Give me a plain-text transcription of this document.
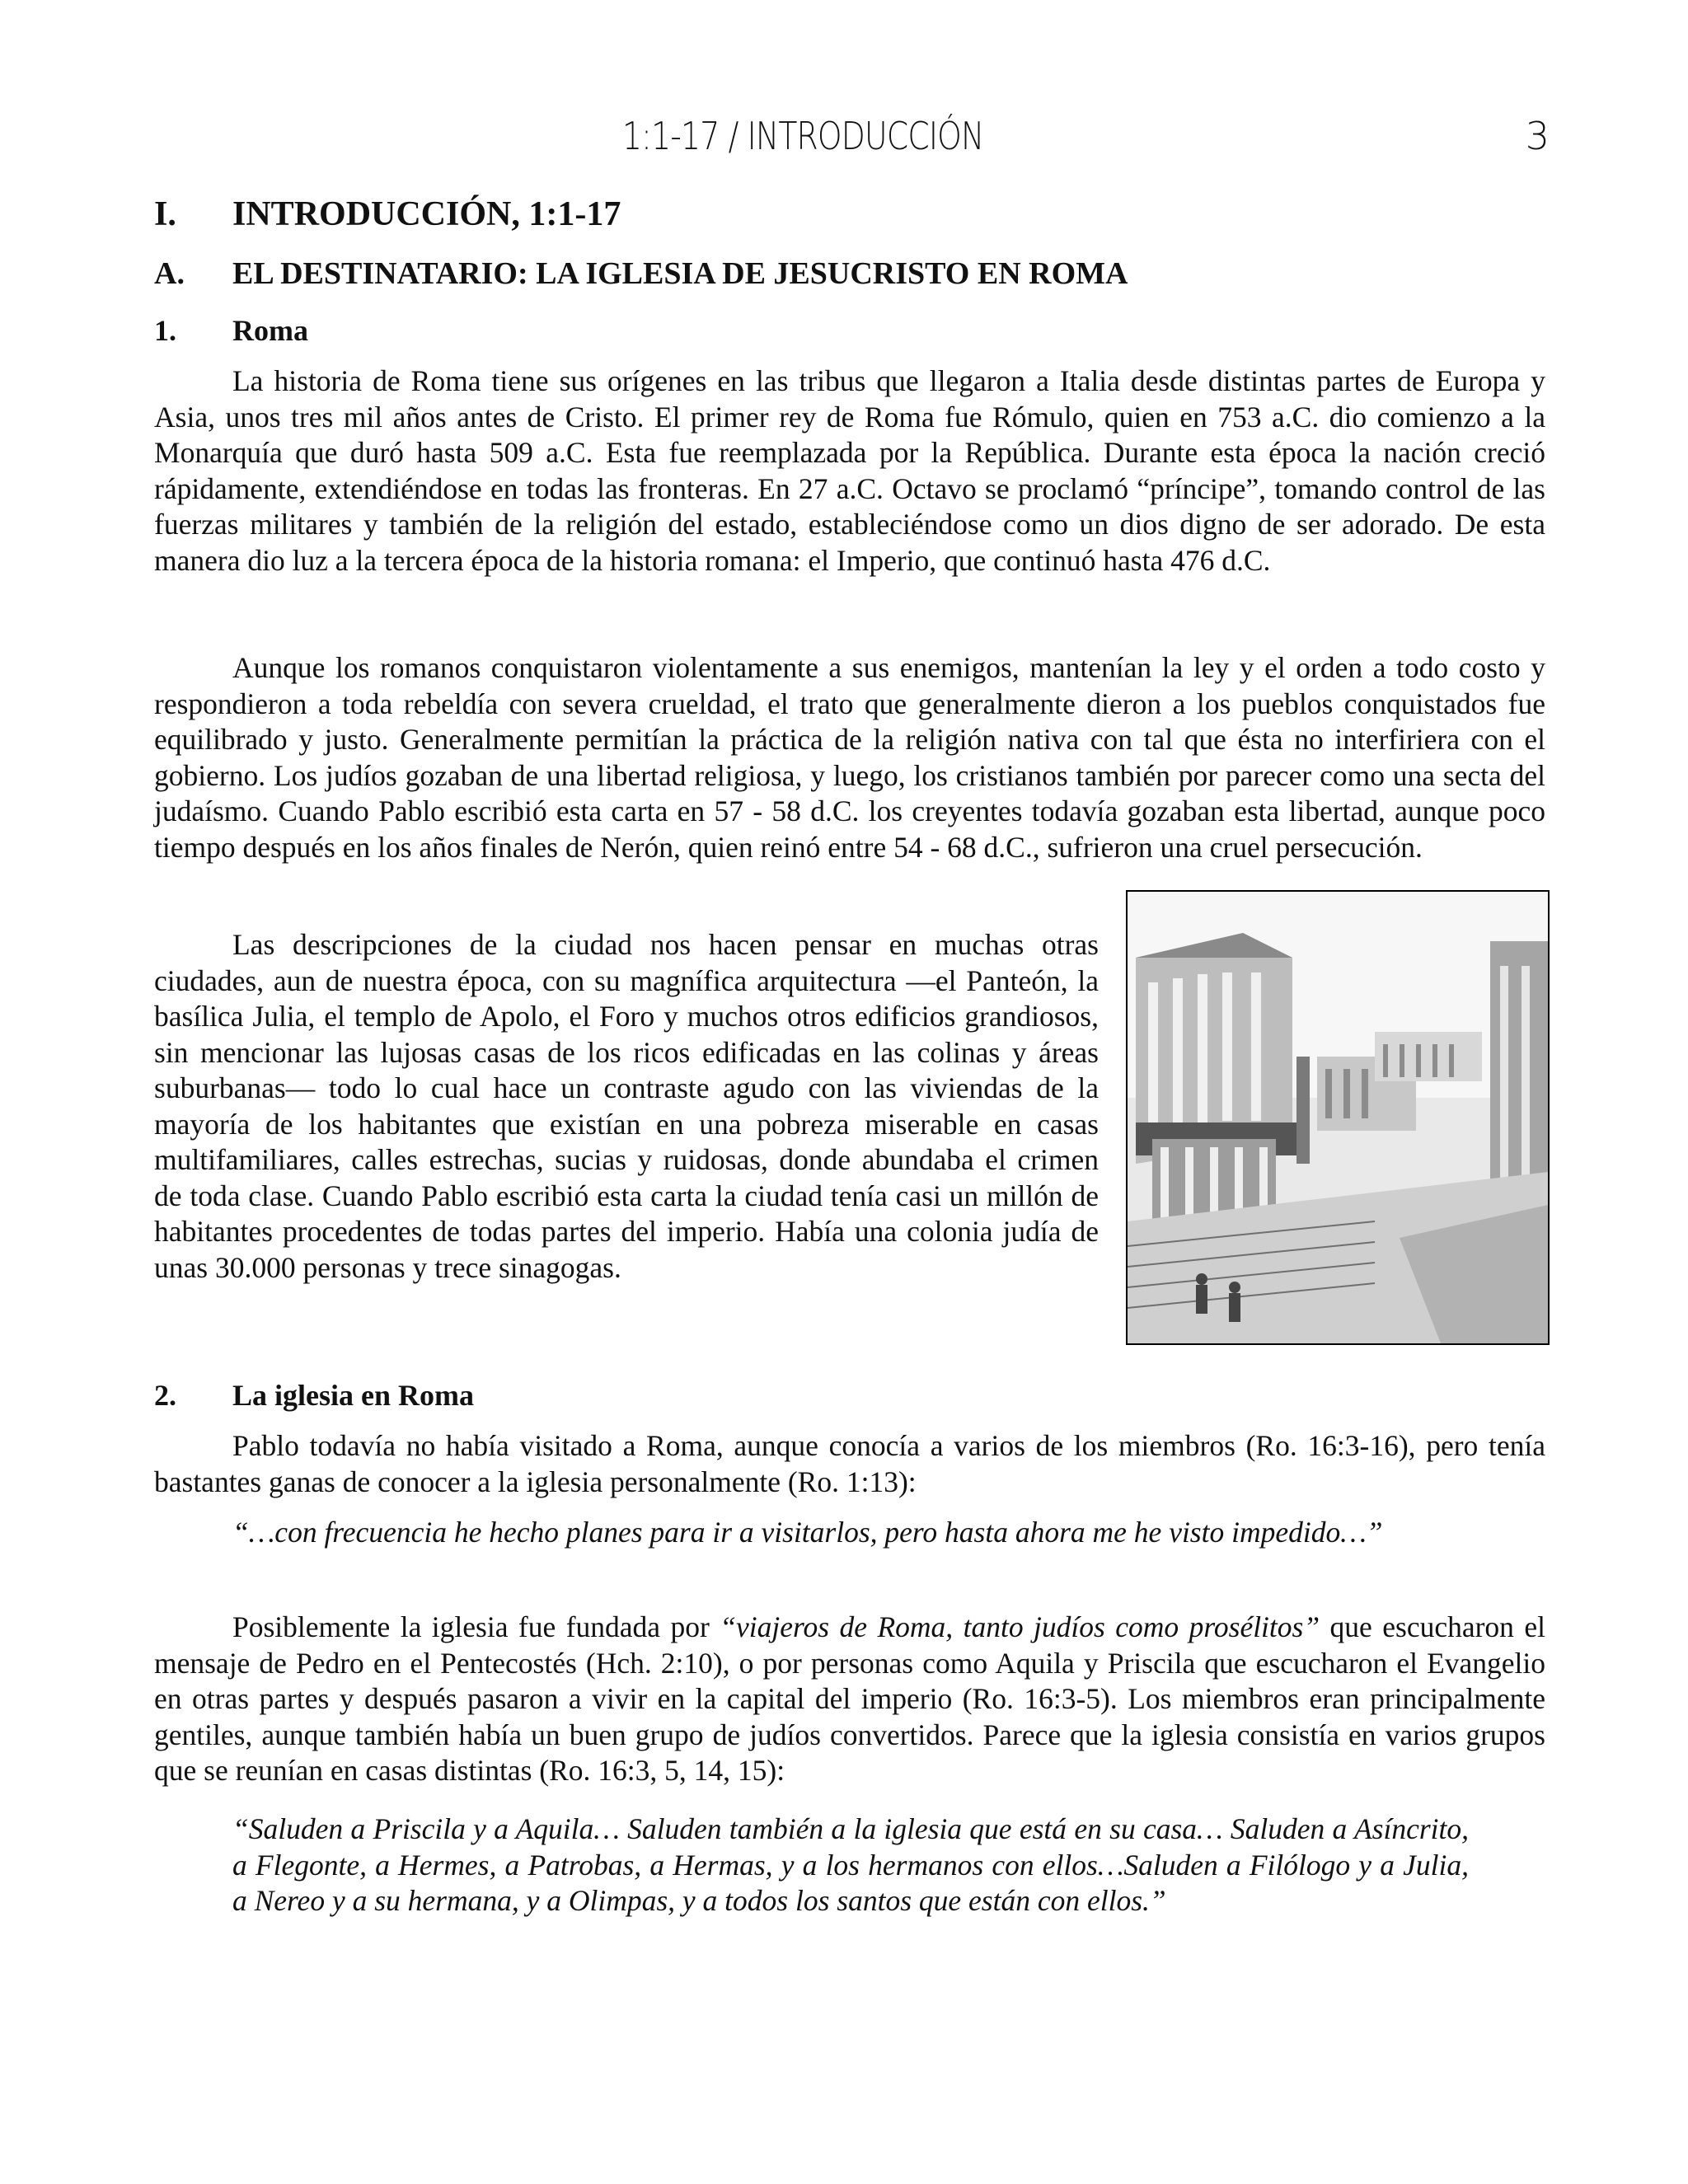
1:1-17 / INTRODUCCIÓN	3
I. INTRODUCCIÓN, 1:1-17
A. EL DESTINATARIO: LA IGLESIA DE JESUCRISTO EN ROMA
1. Roma

La historia de Roma tiene sus orígenes en las tribus que llegaron a Italia desde distintas partes de Europa y Asia, unos tres mil años antes de Cristo. El primer rey de Roma fue Rómulo, quien en 753 a.C. dio comienzo a la Monarquía que duró hasta 509 a.C. Esta fue reemplazada por la República. Durante esta época la nación creció rápidamente, extendiéndose en todas las fronteras. En 27 a.C. Octavo se proclamó “príncipe”, tomando control de las fuerzas militares y también de la religión del estado, estableciéndose como un dios digno de ser adorado. De esta manera dio luz a la tercera época de la historia romana: el Imperio, que continuó hasta 476 d.C.

Aunque los romanos conquistaron violentamente a sus enemigos, mantenían la ley y el orden a todo costo y respondieron a toda rebeldía con severa crueldad, el trato que generalmente dieron a los pueblos conquistados fue equilibrado y justo. Generalmente permitían la práctica de la religión nativa con tal que ésta no interfiriera con el gobierno. Los judíos gozaban de una libertad religiosa, y luego, los cristianos también por parecer como una secta del judaísmo. Cuando Pablo escribió esta carta en 57 - 58 d.C. los creyentes todavía gozaban esta libertad, aunque poco tiempo después en los años finales de Nerón, quien reinó entre 54 - 68 d.C., sufrieron una cruel persecución.

Las descripciones de la ciudad nos hacen pensar en muchas otras ciudades, aun de nuestra época, con su magnífica arquitectura —el Panteón, la basílica Julia, el templo de Apolo, el Foro y muchos otros edificios grandiosos, sin mencionar las lujosas casas de los ricos edificadas en las colinas y áreas suburbanas— todo lo cual hace un contraste agudo con las viviendas de la mayoría de los habitantes que existían en una pobreza miserable en casas multifamiliares, calles estrechas, sucias y ruidosas, donde abundaba el crimen de toda clase. Cuando Pablo escribió esta carta la ciudad tenía casi un millón de habitantes procedentes de todas partes del imperio. Había una colonia judía de unas 30.000 personas y trece sinagogas.

2. La iglesia en Roma

Pablo todavía no había visitado a Roma, aunque conocía a varios de los miembros (Ro. 16:3-16), pero tenía bastantes ganas de conocer a la iglesia personalmente (Ro. 1:13):

“…con frecuencia he hecho planes para ir a visitarlos, pero hasta ahora me he visto impedido…”

Posiblemente la iglesia fue fundada por “viajeros de Roma, tanto judíos como prosélitos” que escucharon el mensaje de Pedro en el Pentecostés (Hch. 2:10), o por personas como Aquila y Priscila que escucharon el Evangelio en otras partes y después pasaron a vivir en la capital del imperio (Ro. 16:3-5). Los miembros eran principalmente gentiles, aunque también había un buen grupo de judíos convertidos. Parece que la iglesia consistía en varios grupos que se reunían en casas distintas (Ro. 16:3, 5, 14, 15):

“Saluden a Priscila y a Aquila… Saluden también a la iglesia que está en su casa… Saluden a Asíncrito, a Flegonte, a Hermes, a Patrobas, a Hermas, y a los hermanos con ellos…Saluden a Filólogo y a Julia, a Nereo y a su hermana, y a Olimpas, y a todos los santos que están con ellos.”
